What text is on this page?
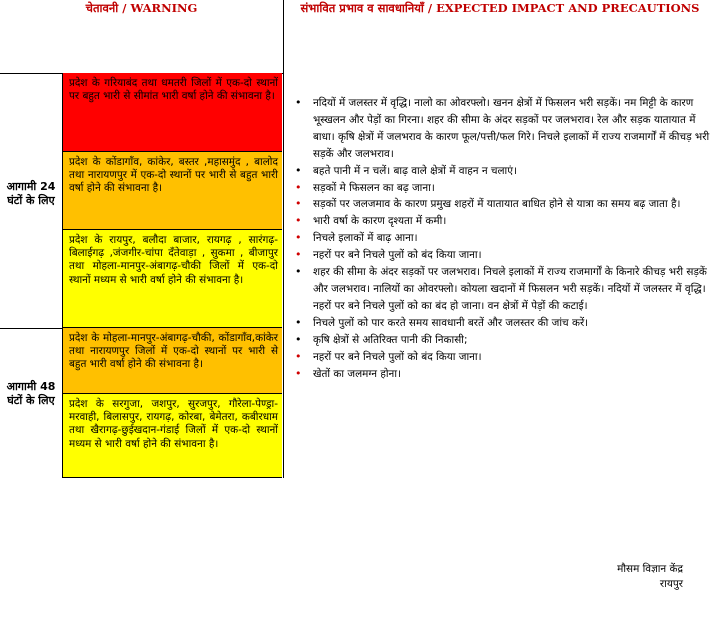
चेतावनी / WARNING	संभावित प्रभाव व सावधानियाँ / EXPECTED IMPACT AND PRECAUTIONS
आगामी 24 घंटों के लिए
आगामी 48 घंटों के लिए
प्रदेश के गरियाबंद तथा धमतरी जिलों में एक-दो स्थानों पर बहुत भारी से सीमांत भारी वर्षा होने की संभावना है।
प्रदेश के कोंडागाँव, कांकेर, बस्तर ,महासमुंद , बालोद तथा नारायणपुर में एक-दो स्थानों पर भारी से बहुत भारी वर्षा होने की संभावना है।
प्रदेश के रायपुर, बलौदा बाजार, रायगढ़ , सारंगढ़-बिलाईगढ़ ,जंजगीर-चांपा दँतेवाड़ा , सुकमा , बीजापुर तथा मोहला-मानपुर-अंबागढ़-चौकी जिलों में एक-दो स्थानों मध्यम से भारी वर्षा होने की संभावना है।
प्रदेश के मोहला-मानपुर-अंबागढ़-चौकी, कोंडागाँव,कांकेर तथा नारायणपुर जिलों में एक-दो स्थानों पर भारी से बहुत भारी वर्षा होने की संभावना है।
प्रदेश के सरगुजा, जशपुर, सुरजपुर, गौरेला-पेण्ड्रा-मरवाही, बिलासपुर, रायगढ़, कोरबा, बेमेतरा, कबीरधाम तथा खैरागढ़-छुईखदान-गंडाई जिलों में एक-दो स्थानों मध्यम से भारी वर्षा होने की संभावना है।
• नदियों में जलस्तर में वृद्धि। नालो का ओवरफ्लो। खनन क्षेत्रों में फिसलन भरी सड़कें। नम मिट्टी के कारण भूस्खलन और पेड़ों का गिरना। शहर की सीमा के अंदर सड़कों पर जलभराव। रेल और सड़क यातायात में बाधा। कृषि क्षेत्रों में जलभराव के कारण फूल/पत्ती/फल गिरे। निचले इलाकों में राज्य राजमार्गों में कीचड़ भरी सड़कें और जलभराव।
• बहते पानी में न चलें। बाढ़ वाले क्षेत्रों में वाहन न चलाएं।
• सड़कों मे फिसलन का बढ़ जाना।
• सड़कों पर जलजमाव के कारण प्रमुख शहरों में यातायात बाधित होने से यात्रा का समय बढ़ जाता है।
• भारी वर्षा के कारण दृश्यता में कमी।
• निचले इलाकों में बाढ़ आना।
• नहरों पर बने निचले पुलों को बंद किया जाना।
• शहर की सीमा के अंदर सड़कों पर जलभराव। निचले इलाकों में राज्य राजमार्गों के किनारे कीचड़ भरी सड़कें और जलभराव। नालियों का ओवरफ्लो। कोयला खदानों में फिसलन भरी सड़कें। नदियों में जलस्तर में वृद्धि। नहरों पर बने निचले पुलों को का बंद हो जाना। वन क्षेत्रों में पेड़ों की कटाई।
• निचले पुलों को पार करते समय सावधानी बरतें और जलस्तर की जांच करें।
• कृषि क्षेत्रों से अतिरिक्त पानी की निकासी;
• नहरों पर बने निचले पुलों को बंद किया जाना।
• खेतों का जलमग्न होना।
मौसम विज्ञान केंद्र
रायपुर
